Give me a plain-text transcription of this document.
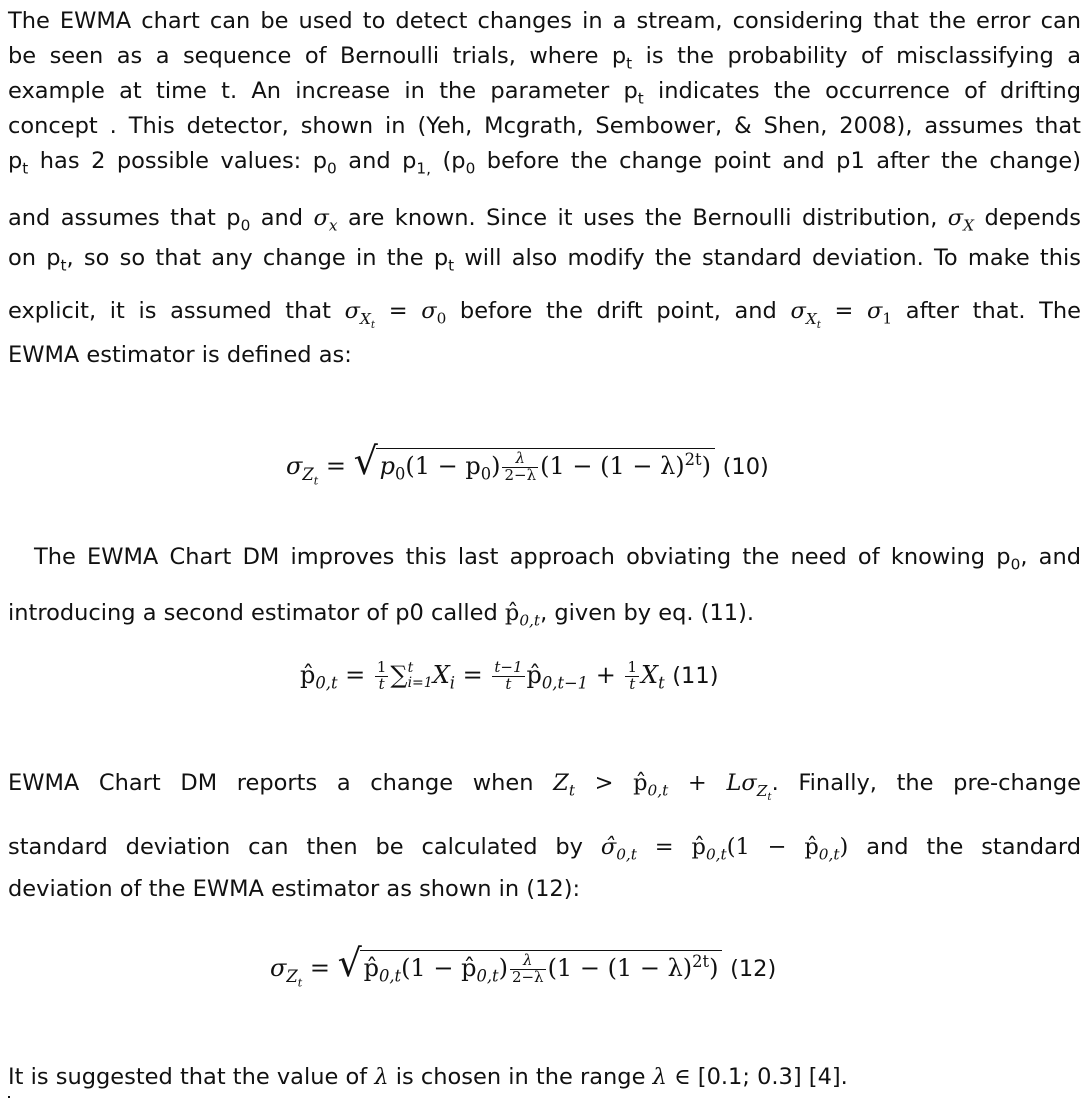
The EWMA chart can be used to detect changes in a stream, considering that the error can
be seen as a sequence of Bernoulli trials, where $p_t$ is the probability of misclassifying a
example at time t. An increase in the parameter $p_t$ indicates the occurrence of drifting
concept . This detector, shown in (Yeh, Mcgrath, Sembower, & Shen, 2008), assumes that
$p_t$ has 2 possible values: $p_0$ and $p_{1,}$ ($p_0$ before the change point and p1 after the change)
and assumes that $p_0$ and $\sigma_x$ are known. Since it uses the Bernoulli distribution, $\sigma_X$ depends
on $p_t$, so so that any change in the $p_t$ will also modify the standard deviation. To make this
explicit, it is assumed that $\sigma_{X_t} = \sigma_0$ before the drift point, and $\sigma_{X_t} = \sigma_1$ after that. The
EWMA estimator is defined as:
$\sigma_{Z_t}$ = √ $p_0(1 - p_0) \frac{\lambda}{2-\lambda} (1 - (1 - \lambda)^{2t})$ (10)
The EWMA Chart DM improves this last approach obviating the need of knowing $p_0$, and
introducing a second estimator of p0 called $p̂_{0,t}$, given by eq. (11).
$p̂_{0,t} = \frac{1}{t}$ ∑ t
i=1 $X_i = \frac{t-1}{t}$ $p̂_{0,t-1} + \frac{1}{t} X_t$ (11)
EWMA Chart DM reports a change when $Z_t$ > $p̂_{0,t} + L\sigma_{Z_t}$. Finally, the pre-change
standard deviation can then be calculated by $\sigmâ_{0,t}$ = $p̂_{0,t}(1$ − $p̂_{0,t}$) and the standard
deviation of the EWMA estimator as shown in (12):
$\sigma_{Z_t}$ = √ $p̂_{0,t}(1$ − $p̂_{0,t}) \frac{\lambda}{2-\lambda} (1 - (1 - \lambda)^{2t})$ (12)
It is suggested that the value of λ is chosen in the range λ ∈ [0.1; 0.3] [4].
